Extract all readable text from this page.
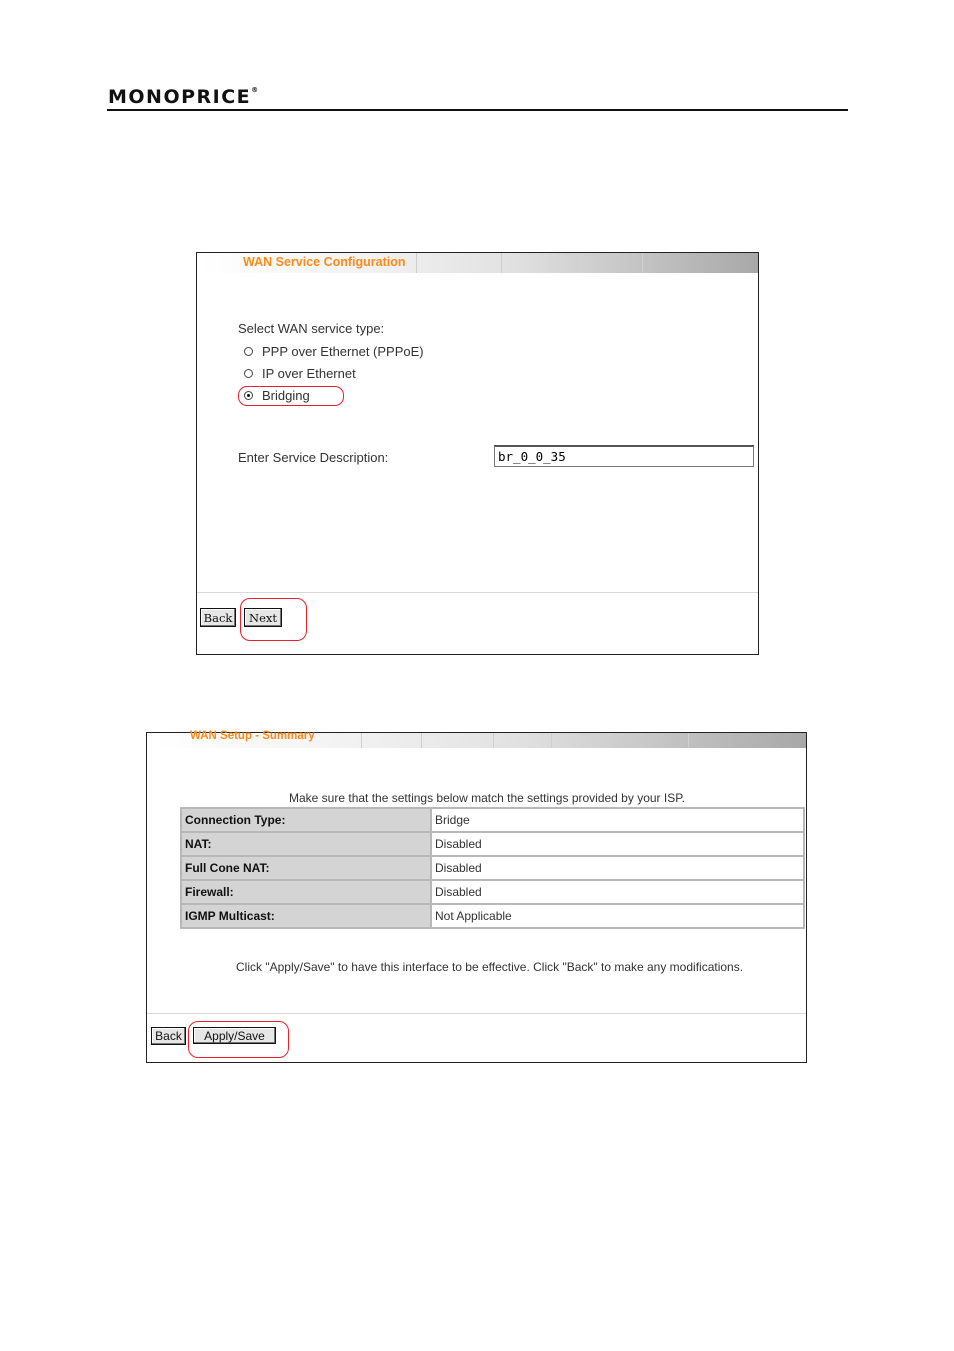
MONOPRICE®
WAN Service Configuration
Select WAN service type:
PPP over Ethernet (PPPoE)
IP over Ethernet
Bridging
Enter Service Description:
br_0_0_35
Back	Next
WAN Setup - Summary
Make sure that the settings below match the settings provided by your ISP.
Connection Type:	Bridge
NAT:	Disabled
Full Cone NAT:	Disabled
Firewall:	Disabled
IGMP Multicast:	Not Applicable
Click "Apply/Save" to have this interface to be effective. Click "Back" to make any modifications.
Back	Apply/Save
